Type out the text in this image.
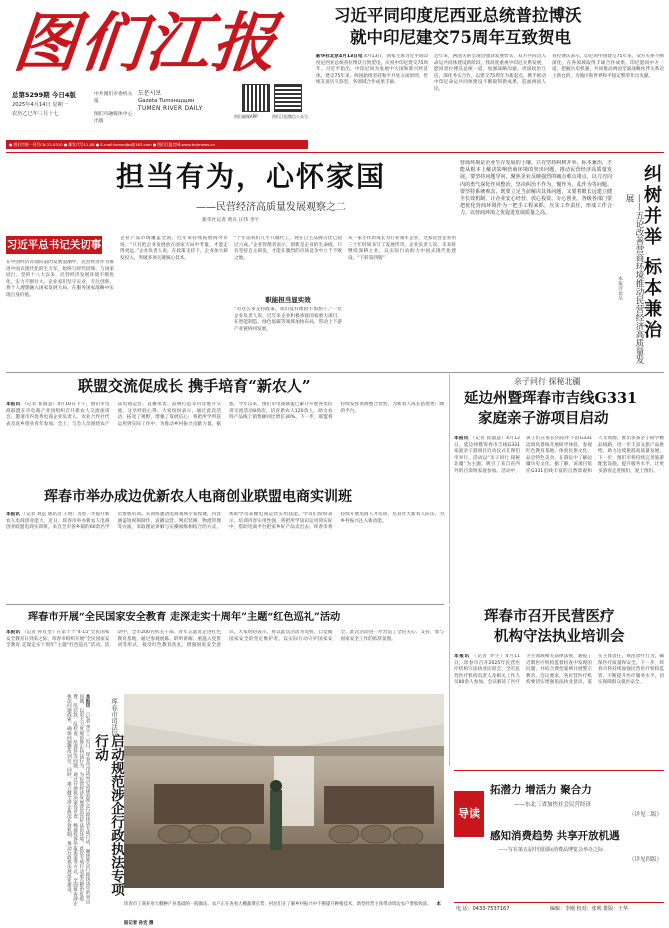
图们江报
总第5299期 今日4版
2025年4月14日 星期一
农历乙巳年三月十七
中共图们市委机关报
图们市融媒体中心出版
도문시보
Gazeta Tumэнщщян
TUMEN RIVER DAILY
图们融媒APP	图们江报微信公众号
● 图们市统一刊号CN 22-0310 ● 邮发代号11-68 ● E-mail:tumenjbs@163.com ● 图们江报官网:www.tmjrnews.cn
习近平同印度尼西亚总统普拉博沃
就中印尼建交75周年互致贺电
新华社北京4月13日电 4月13日，国家主席习近平同印度尼西亚总统普拉博沃互致贺电，庆祝中印尼建交75周年。习近平指出，中印尼同为发展中大国和新兴经济体。建交75年来，两国始终坚持和平共处五项原则，传统友谊历久弥坚，各领域合作成果丰硕。
近年来，两国关系呈现出强劲发展势头，双方共同迈入命运共同体建设新阶段。我高度重视中印尼关系发展，愿同普拉博沃总统一道，加强战略沟通，巩固政治互信，深化务实合作，以建交75周年为新起点，携手推动中印尼命运共同体建设不断取得新成果，造福两国人民。
普拉博沃表示，印尼同中国建交75年来，双方关系不断深化，在各领域取得丰硕合作成果。印尼愿同中方一道，把握历史机遇，共同推动两国全面战略伙伴关系迈上新台阶，为地区和世界和平稳定繁荣作出贡献。
担当有为，心怀家国
——民营经济高质量发展观察之二
新华社记者 黄垚 汪伟 李宇
习近平总书记关切事
在中国经济奔涌向前的发展浪潮中，民营经济作为推进中国式现代化的生力军，始终与时代同频、与国家同行。党的十八大以来，民营经济发展环境不断优化，实力不断壮大。企业家们坚守实业，专注创新，将个人理想融入国家发展大局，在服务国家战略中实现自身价值。
企业产品市场覆盖全国，近年来持续拓展海外市场。“只有把企业发展放在国家大局中考量，才能走得更远。”企业负责人说，在政策支持下，企业加大研发投入，突破多项关键核心技术。
“十年前我们几乎只做代工，现在自主品牌占比已超过六成。”企业管理者表示，创新是企业的生命线，只有坚持自主研发，才能在激烈的市场竞争中立于不败之地。
职能担当显实效
“有这么多支持政策，我们没有理由不加油干。”一位企业负责人说，近年来企业积极承接国家重大项目，在智能制造、绿色低碳等领域加快布局，带动上下游产业链协同发展。
从一家小作坊成长为行业领军企业，这家民营企业用三十年时间书写了发展传奇。企业负责人说，未来将继续深耕主业，以实际行动助力中国式现代化建设。“下转第四版”
营商环境是企业生存发展的土壤。只有坚持纠树并举、标本兼治，才能从根本上解决影响营商环境的突出问题，推动民营经济高质量发展。要坚持问题导向，聚焦企业反映强烈的痛点难点堵点，以刀刃向内的勇气深化作风整治，坚决纠治不作为、慢作为、乱作为等问题。要坚持系统观念，既要立足当前解决具体问题，又要着眼长远建立健全长效机制，让企业安心经营、放心投资、专心创业。各级各部门要把优化营商环境作为一把手工程来抓，压实工作责任，形成工作合力，以营商环境之优促进发展质量之高。
本报评论员	——五论改善营商环境推动民营经济高质量发展 纠树并举 标本兼治
联盟交流促成长 携手培育“新农人”
本报讯 （记者 崔淑慧）4月10日下午，图们市电商联盟在市电商产业园组织召开新农人交流座谈会，邀请市内优秀电商企业负责人、农业合作社代表及返乡创业青年参加。会上，与会人员围绕农产品电商运营、直播带货、品牌打造等内容展开交流，分享经验心得。大家纷纷表示，通过此次活动，拓宽了视野，增强了发展信心，将把所学所获运用到实际工作中，为推动乡村振兴贡献力量。据悉，今年以来，图们市电商联盟已累计开展各类培训交流活动8场次，培育新农人120余人，助力农特产品线上销售额同比增长30%。下一步，联盟将持续发挥资源整合优势，为新农人成长搭建更广阔的平台。
亲子同行 探秘北疆
延边州暨珲春市吉线G331
家庭亲子游项目启动
本报讯 （记者 崔淑慧）4月12日，延边州暨珲春市吉线G331家庭亲子游项目启动仪式在图们市举行。活动以“亲子同行 探秘北疆”为主题，吸引了来自省内外的百余组家庭参加。活动中，孩子们在家长的陪伴下沿G331边境风景线开展研学体验，参观红色教育基地、体验民俗文化、品尝特色美食，在游玩中了解边疆历史文化。据了解，该项目依托G331沿线丰富的自然景观和人文资源，推出多条亲子研学精品线路，进一步丰富文旅产品供给，助力边境旅游高质量发展。下一步，图们市将持续完善旅游配套设施，提升服务水平，让更多游客走进图们、爱上图们。
珲春市举办成边优新农人电商创业联盟电商实训班
本报讯 （记者 刘远 通讯员 王明）为进一步提升新农人电商创业能力，近日，珲春市举办新农人电商创业联盟电商实训班，来自全市各乡镇的60余名学员参加培训。实训班邀请电商领域专家授课，内容涵盖短视频制作、直播运营、网店装修、物流管理等方面，采取理论讲解与实操演练相结合的方式，帮助学员掌握电商运营实用技能。学员们纷纷表示，培训内容实用性强，将把所学知识运用到实际中，借助电商平台把家乡好产品卖出去。珲春市将持续开展电商人才培训，培育壮大新农人队伍，为乡村振兴注入新动能。
珲春市开展“全民国家安全教育 走深走实十周年”主题“红色巡礼”活动
本报讯 （记者 孙有奎）在第十个“4·15”全民国家安全教育日到来之际，珲春市组织开展“全民国家安全教育 走深走实十周年”主题“红色巡礼”活动。活动中，全市200名机关干部、青年志愿者走进红色教育基地，通过参观展陈、聆听讲解、重温入党誓词等形式，接受红色教育洗礼，增强国家安全意识。大家纷纷表示，将以此次活动为契机，自觉做国家安全的坚定维护者，以实际行动守护国家安全。此次活动进一步营造了全民关心、支持、参与国家安全工作的浓厚氛围。
珲春市召开民营医疗
机构守法执业培训会
本报讯 （记者 李宇）4月11日，珲春市召开2025年民营医疗机构守法执业培训会，全市民营医疗机构负责人及相关工作人员80余人参加。会议解读了医疗卫生领域相关法律法规，通报了近期医疗机构监督检查中发现的问题，并结合典型案例开展警示教育。会议要求，各民营医疗机构要切实增强依法执业意识，落实主体责任，规范诊疗行为，确保医疗质量和安全。下一步，珲春市将持续加强民营医疗机构监管，不断提升医疗服务水平，切实保障群众就医安全。
本报讯 （记者 李宇）近日，珲春市司法局启动规范涉企行政执法专项行动，聚焦涉企行政执法中的突出问题，以更大力度规范涉企执法行为，为民营经济发展营造良好法治环境。此次专项行动重点整治乱收费、乱罚款、乱检查、乱查封等问题，通过开展执法案卷评查、畅通投诉举报渠道等方式，全面排查涉企执法问题线索，确保问题整改到位。同时，建立健全涉企执法长效机制，推动行政执法规范化建设。	珲春市司法局
启动规范涉企行政执法专项行动
珲春市工商业用大棚种产业基础的一般做法，农户正在查看大棚蔬菜长势，村民们在了解乡村振兴中不断提升种植技术，新型经营主体带动周边农户增收致富。 本报记者 孙宏 摄
导读
拓潜力 增活力 聚合力
——东北三省加快社会民营经济
（详见二版）
感知消费趋势 共享开放机遇
——写在第五届中国国际消费品博览会举办之际
（详见四版）
电 话：0433-7537167	编辑：李刚 校对：张明 排版：王华
